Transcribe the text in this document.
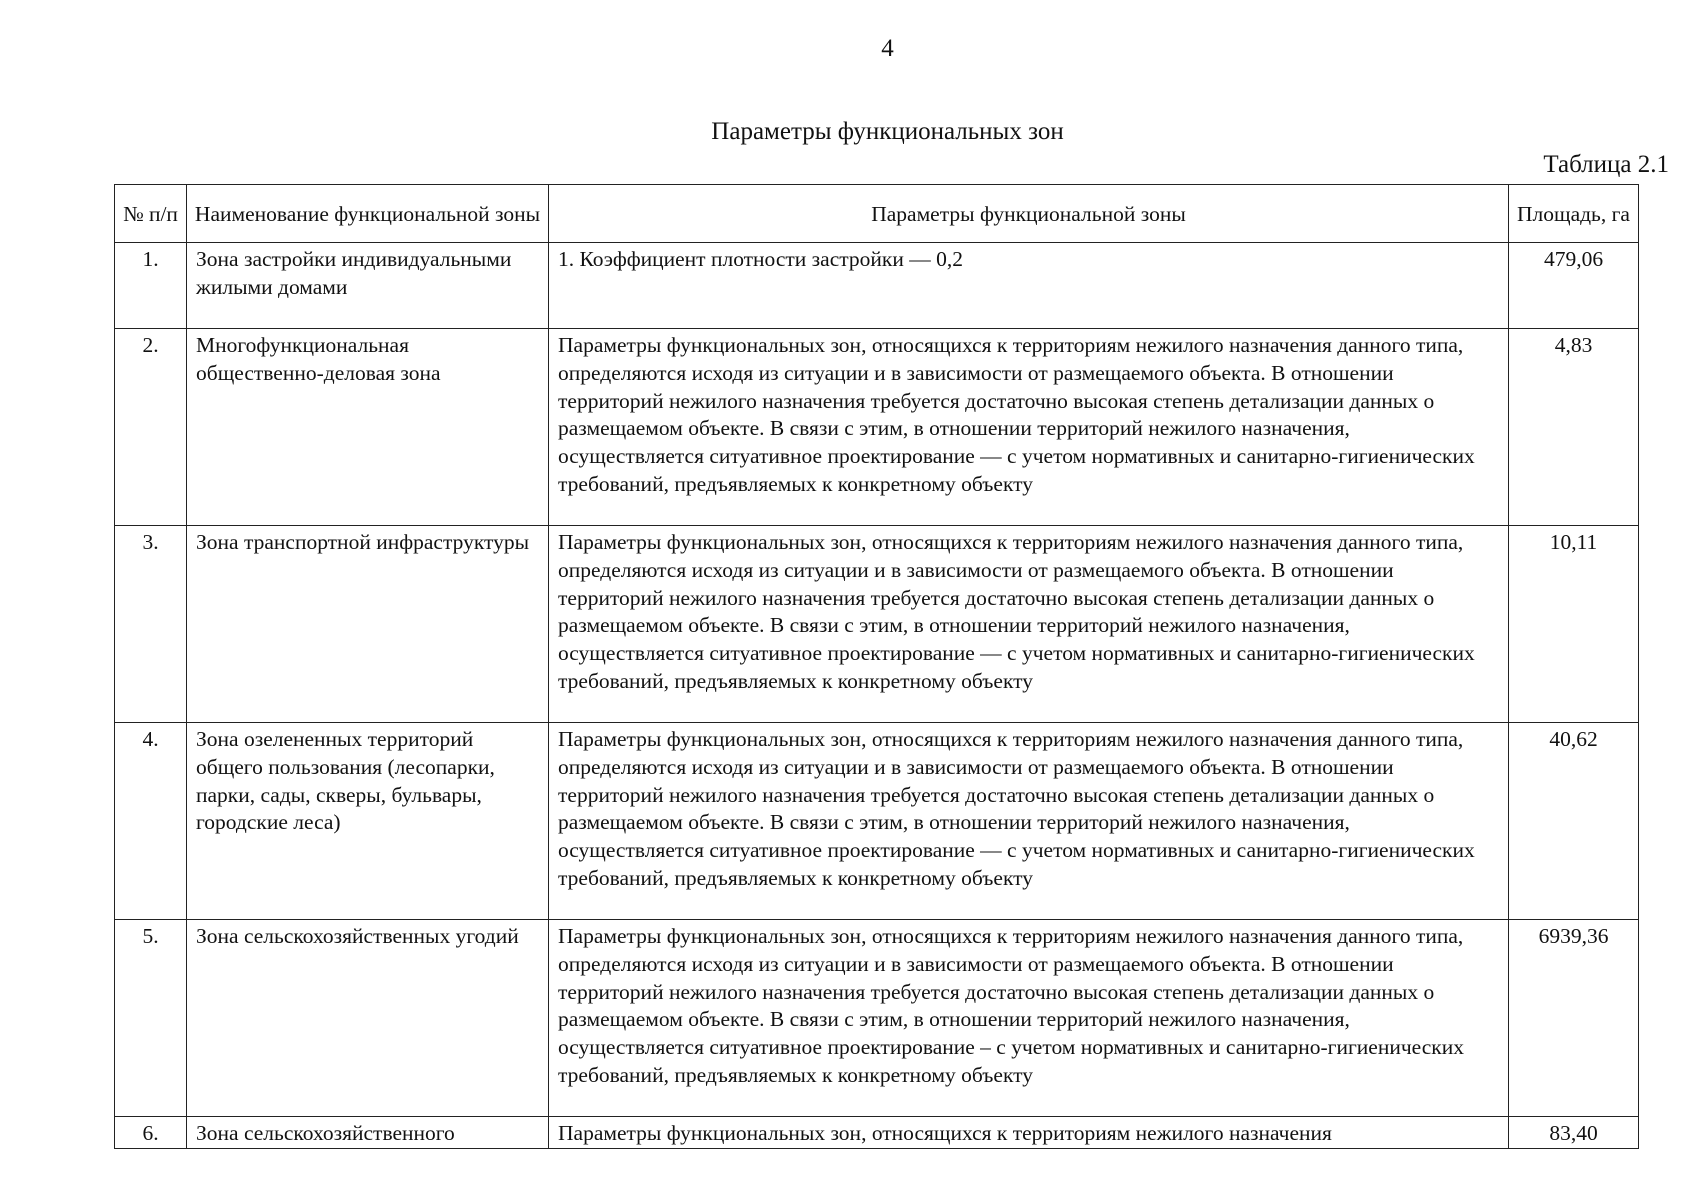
4
Параметры функциональных зон
Таблица 2.1
№ п/п	Наименование функциональной зоны	Параметры функциональной зоны	Площадь, га
1.	Зона застройки индивидуальными жилыми домами	1. Коэффициент плотности застройки — 0,2	479,06
2.	Многофункциональная общественно-деловая зона	Параметры функциональных зон, относящихся к территориям нежилого назначения данного типа, определяются исходя из ситуации и в зависимости от размещаемого объекта. В отношении территорий нежилого назначения требуется достаточно высокая степень детализации данных о размещаемом объекте. В связи с этим, в отношении территорий нежилого назначения, осуществляется ситуативное проектирование — с учетом нормативных и санитарно-гигиенических требований, предъявляемых к конкретному объекту	4,83
3.	Зона транспортной инфраструктуры	Параметры функциональных зон, относящихся к территориям нежилого назначения данного типа, определяются исходя из ситуации и в зависимости от размещаемого объекта. В отношении территорий нежилого назначения требуется достаточно высокая степень детализации данных о размещаемом объекте. В связи с этим, в отношении территорий нежилого назначения, осуществляется ситуативное проектирование — с учетом нормативных и санитарно-гигиенических требований, предъявляемых к конкретному объекту	10,11
4.	Зона озелененных территорий общего пользования (лесопарки, парки, сады, скверы, бульвары, городские леса)	Параметры функциональных зон, относящихся к территориям нежилого назначения данного типа, определяются исходя из ситуации и в зависимости от размещаемого объекта. В отношении территорий нежилого назначения требуется достаточно высокая степень детализации данных о размещаемом объекте. В связи с этим, в отношении территорий нежилого назначения, осуществляется ситуативное проектирование — с учетом нормативных и санитарно-гигиенических требований, предъявляемых к конкретному объекту	40,62
5.	Зона сельскохозяйственных угодий	Параметры функциональных зон, относящихся к территориям нежилого назначения данного типа, определяются исходя из ситуации и в зависимости от размещаемого объекта. В отношении территорий нежилого назначения требуется достаточно высокая степень детализации данных о размещаемом объекте. В связи с этим, в отношении территорий нежилого назначения, осуществляется ситуативное проектирование – с учетом нормативных и санитарно-гигиенических требований, предъявляемых к конкретному объекту	6939,36
6.	Зона сельскохозяйственного	Параметры функциональных зон, относящихся к территориям нежилого назначения	83,40
